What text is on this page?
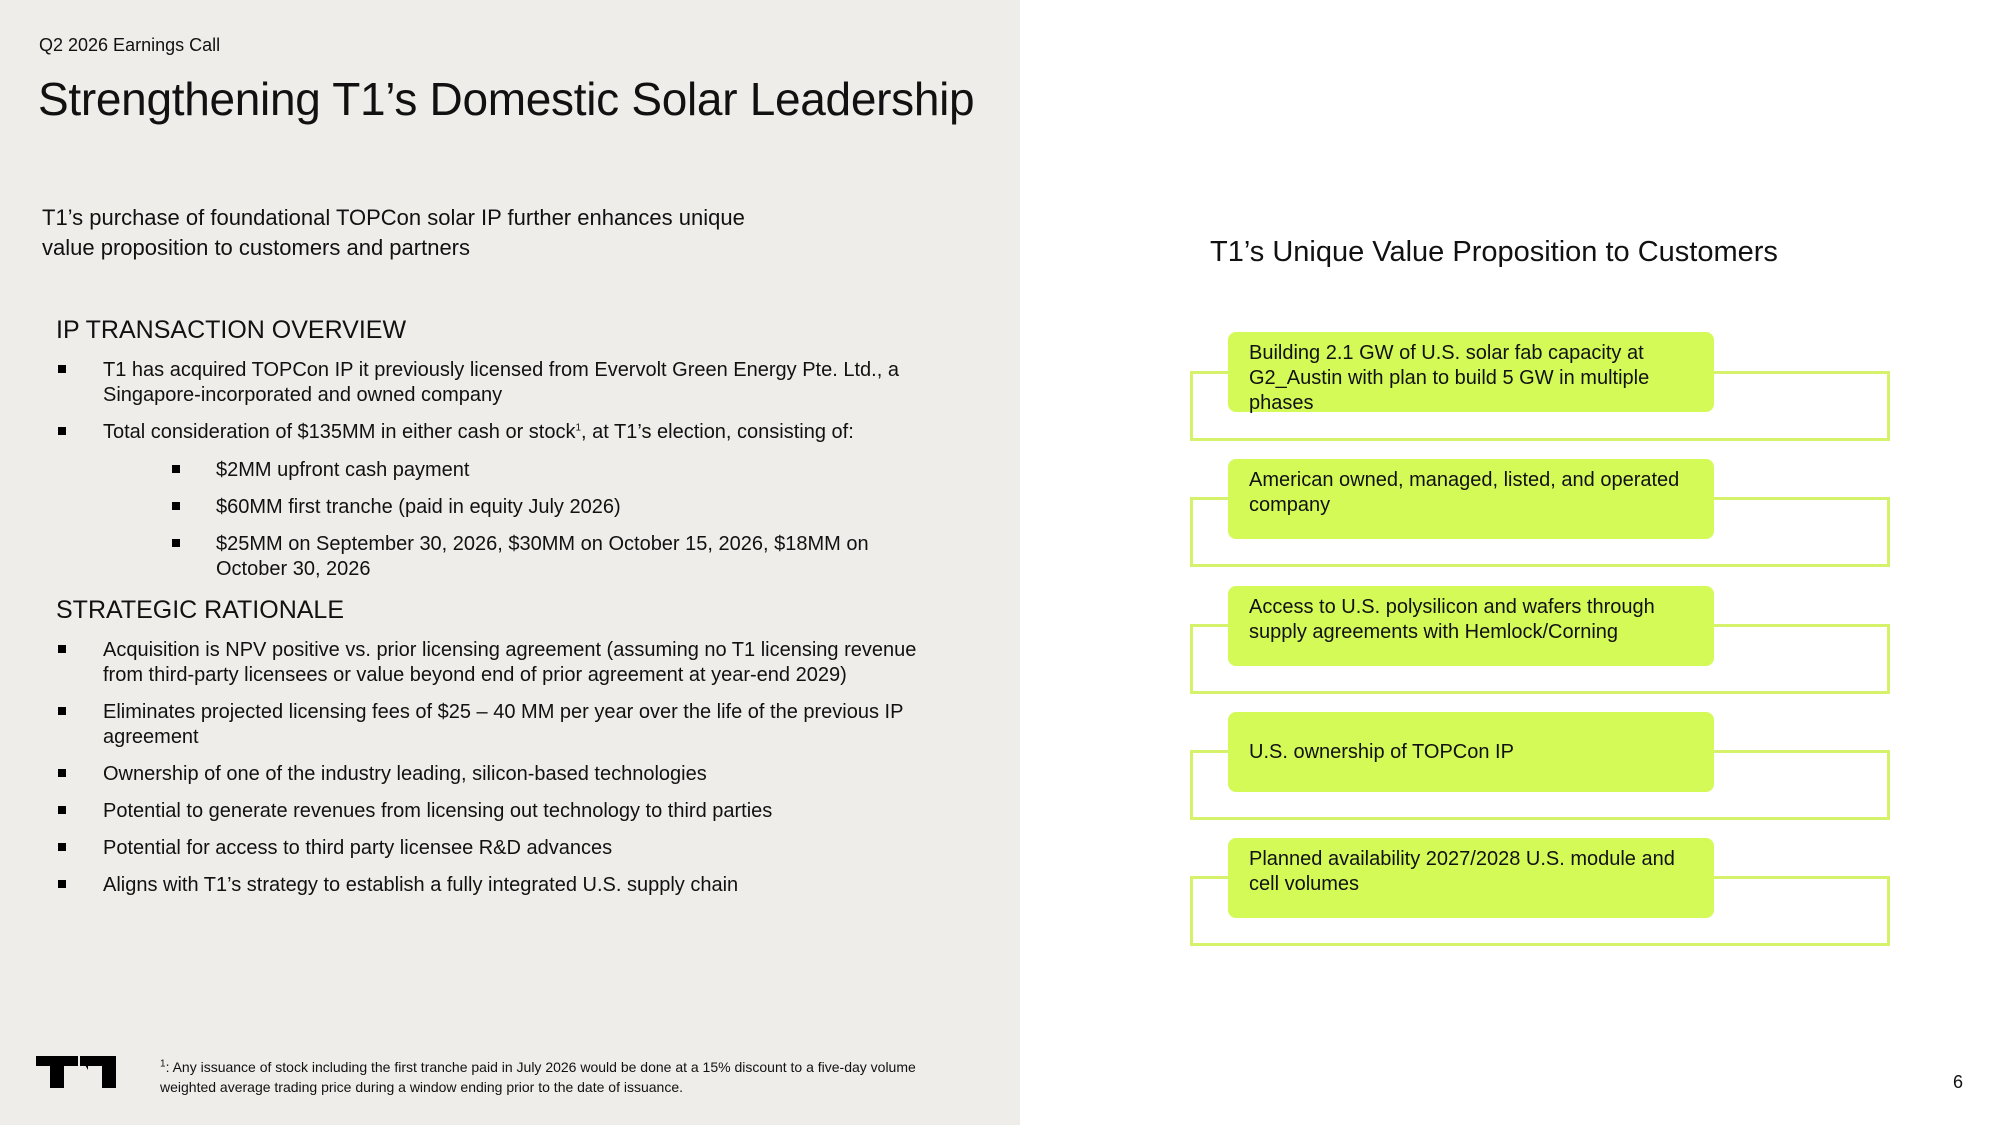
Q2 2026 Earnings Call
Strengthening T1’s Domestic Solar Leadership
T1’s purchase of foundational TOPCon solar IP further enhances unique value proposition to customers and partners
IP TRANSACTION OVERVIEW
T1 has acquired TOPCon IP it previously licensed from Evervolt Green Energy Pte. Ltd., a Singapore-incorporated and owned company
Total consideration of $135MM in either cash or stock$^1$, at T1’s election, consisting of:
$2MM upfront cash payment
$60MM first tranche (paid in equity July 2026)
$25MM on September 30, 2026, $30MM on October 15, 2026, $18MM on October 30, 2026
STRATEGIC RATIONALE
Acquisition is NPV positive vs. prior licensing agreement (assuming no T1 licensing revenue from third-party licensees or value beyond end of prior agreement at year-end 2029)
Eliminates projected licensing fees of $25 – 40 MM per year over the life of the previous IP agreement
Ownership of one of the industry leading, silicon-based technologies
Potential to generate revenues from licensing out technology to third parties
Potential for access to third party licensee R&D advances
Aligns with T1’s strategy to establish a fully integrated U.S. supply chain
$^1$: Any issuance of stock including the first tranche paid in July 2026 would be done at a 15% discount to a five-day volume weighted average trading price during a window ending prior to the date of issuance.
T1’s Unique Value Proposition to Customers
Building 2.1 GW of U.S. solar fab capacity at G2_Austin with plan to build 5 GW in multiple phases
American owned, managed, listed, and operated company
Access to U.S. polysilicon and wafers through supply agreements with Hemlock/Corning
U.S. ownership of TOPCon IP
Planned availability 2027/2028 U.S. module and cell volumes
6
